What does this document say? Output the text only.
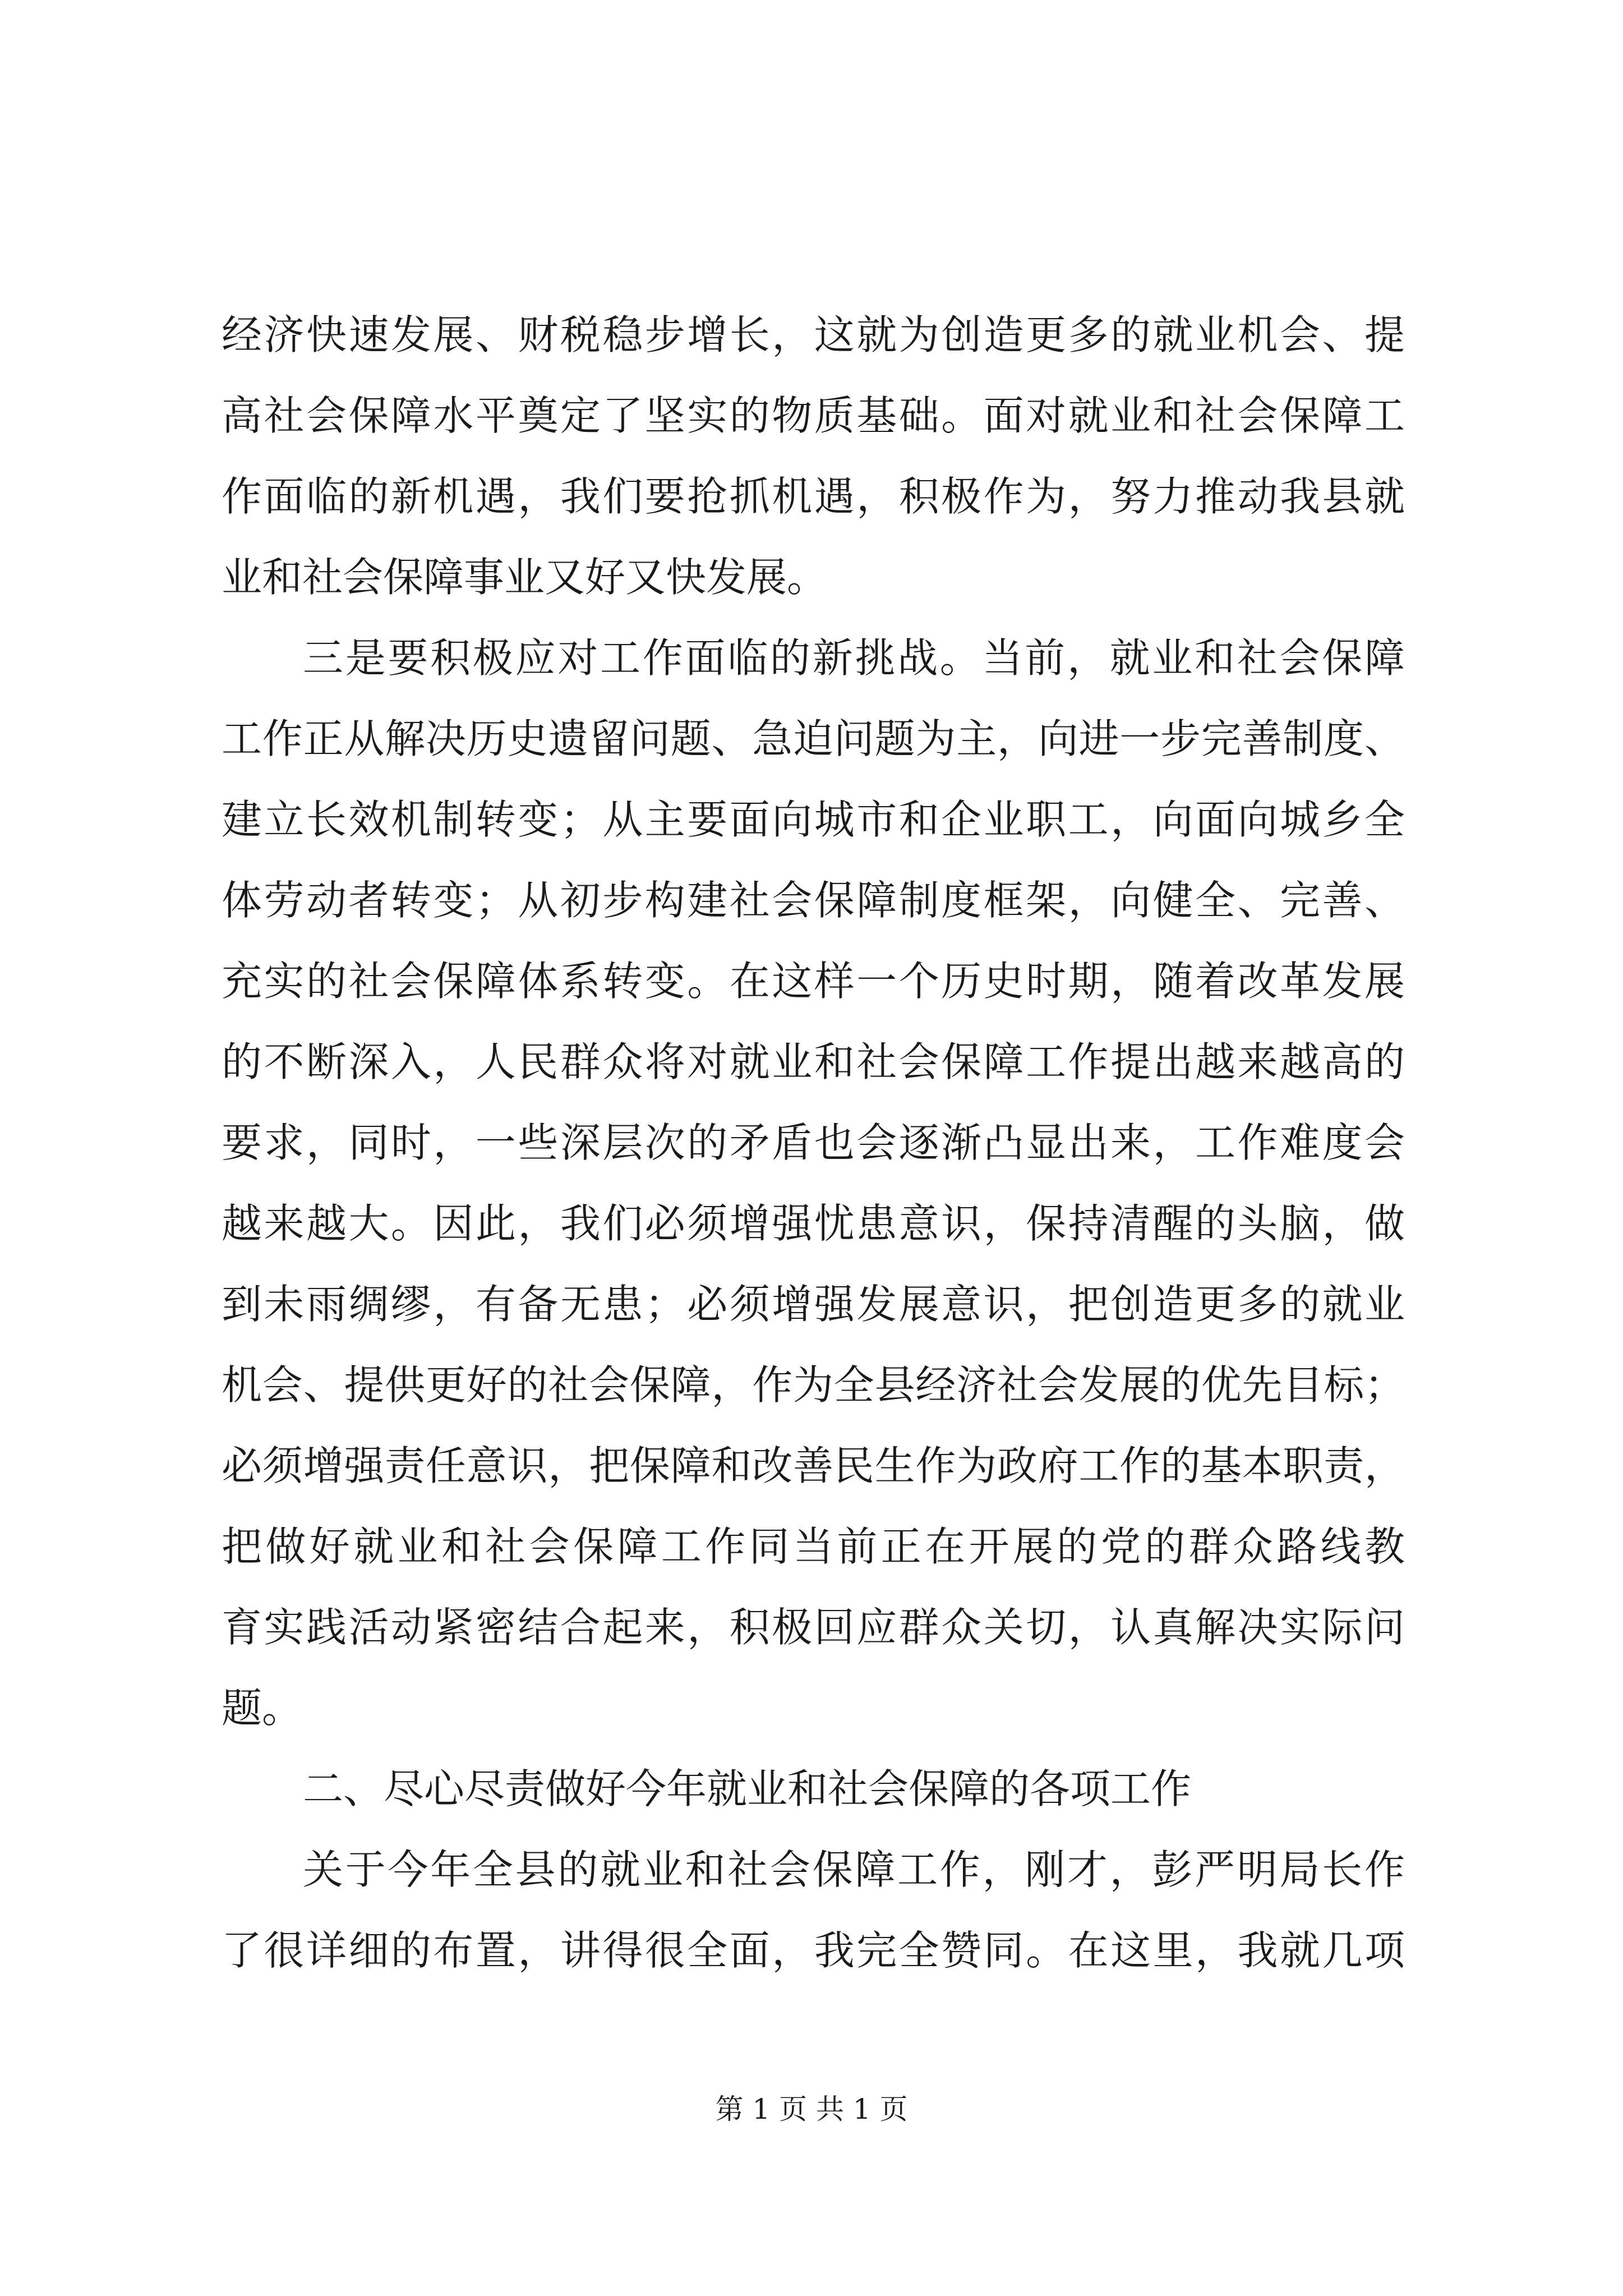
经济快速发展、财税稳步增长，这就为创造更多的就业机会、提
高社会保障水平奠定了坚实的物质基础。面对就业和社会保障工
作面临的新机遇，我们要抢抓机遇，积极作为，努力推动我县就
业和社会保障事业又好又快发展。
三是要积极应对工作面临的新挑战。当前，就业和社会保障
工作正从解决历史遗留问题、急迫问题为主，向进一步完善制度、
建立长效机制转变；从主要面向城市和企业职工，向面向城乡全
体劳动者转变；从初步构建社会保障制度框架，向健全、完善、
充实的社会保障体系转变。在这样一个历史时期，随着改革发展
的不断深入，人民群众将对就业和社会保障工作提出越来越高的
要求，同时，一些深层次的矛盾也会逐渐凸显出来，工作难度会
越来越大。因此，我们必须增强忧患意识，保持清醒的头脑，做
到未雨绸缪，有备无患；必须增强发展意识，把创造更多的就业
机会、提供更好的社会保障，作为全县经济社会发展的优先目标；
必须增强责任意识，把保障和改善民生作为政府工作的基本职责，
把做好就业和社会保障工作同当前正在开展的党的群众路线教
育实践活动紧密结合起来，积极回应群众关切，认真解决实际问
题。
二、尽心尽责做好今年就业和社会保障的各项工作
关于今年全县的就业和社会保障工作，刚才，彭严明局长作
了很详细的布置，讲得很全面，我完全赞同。在这里，我就几项
第 1 页 共 1 页
